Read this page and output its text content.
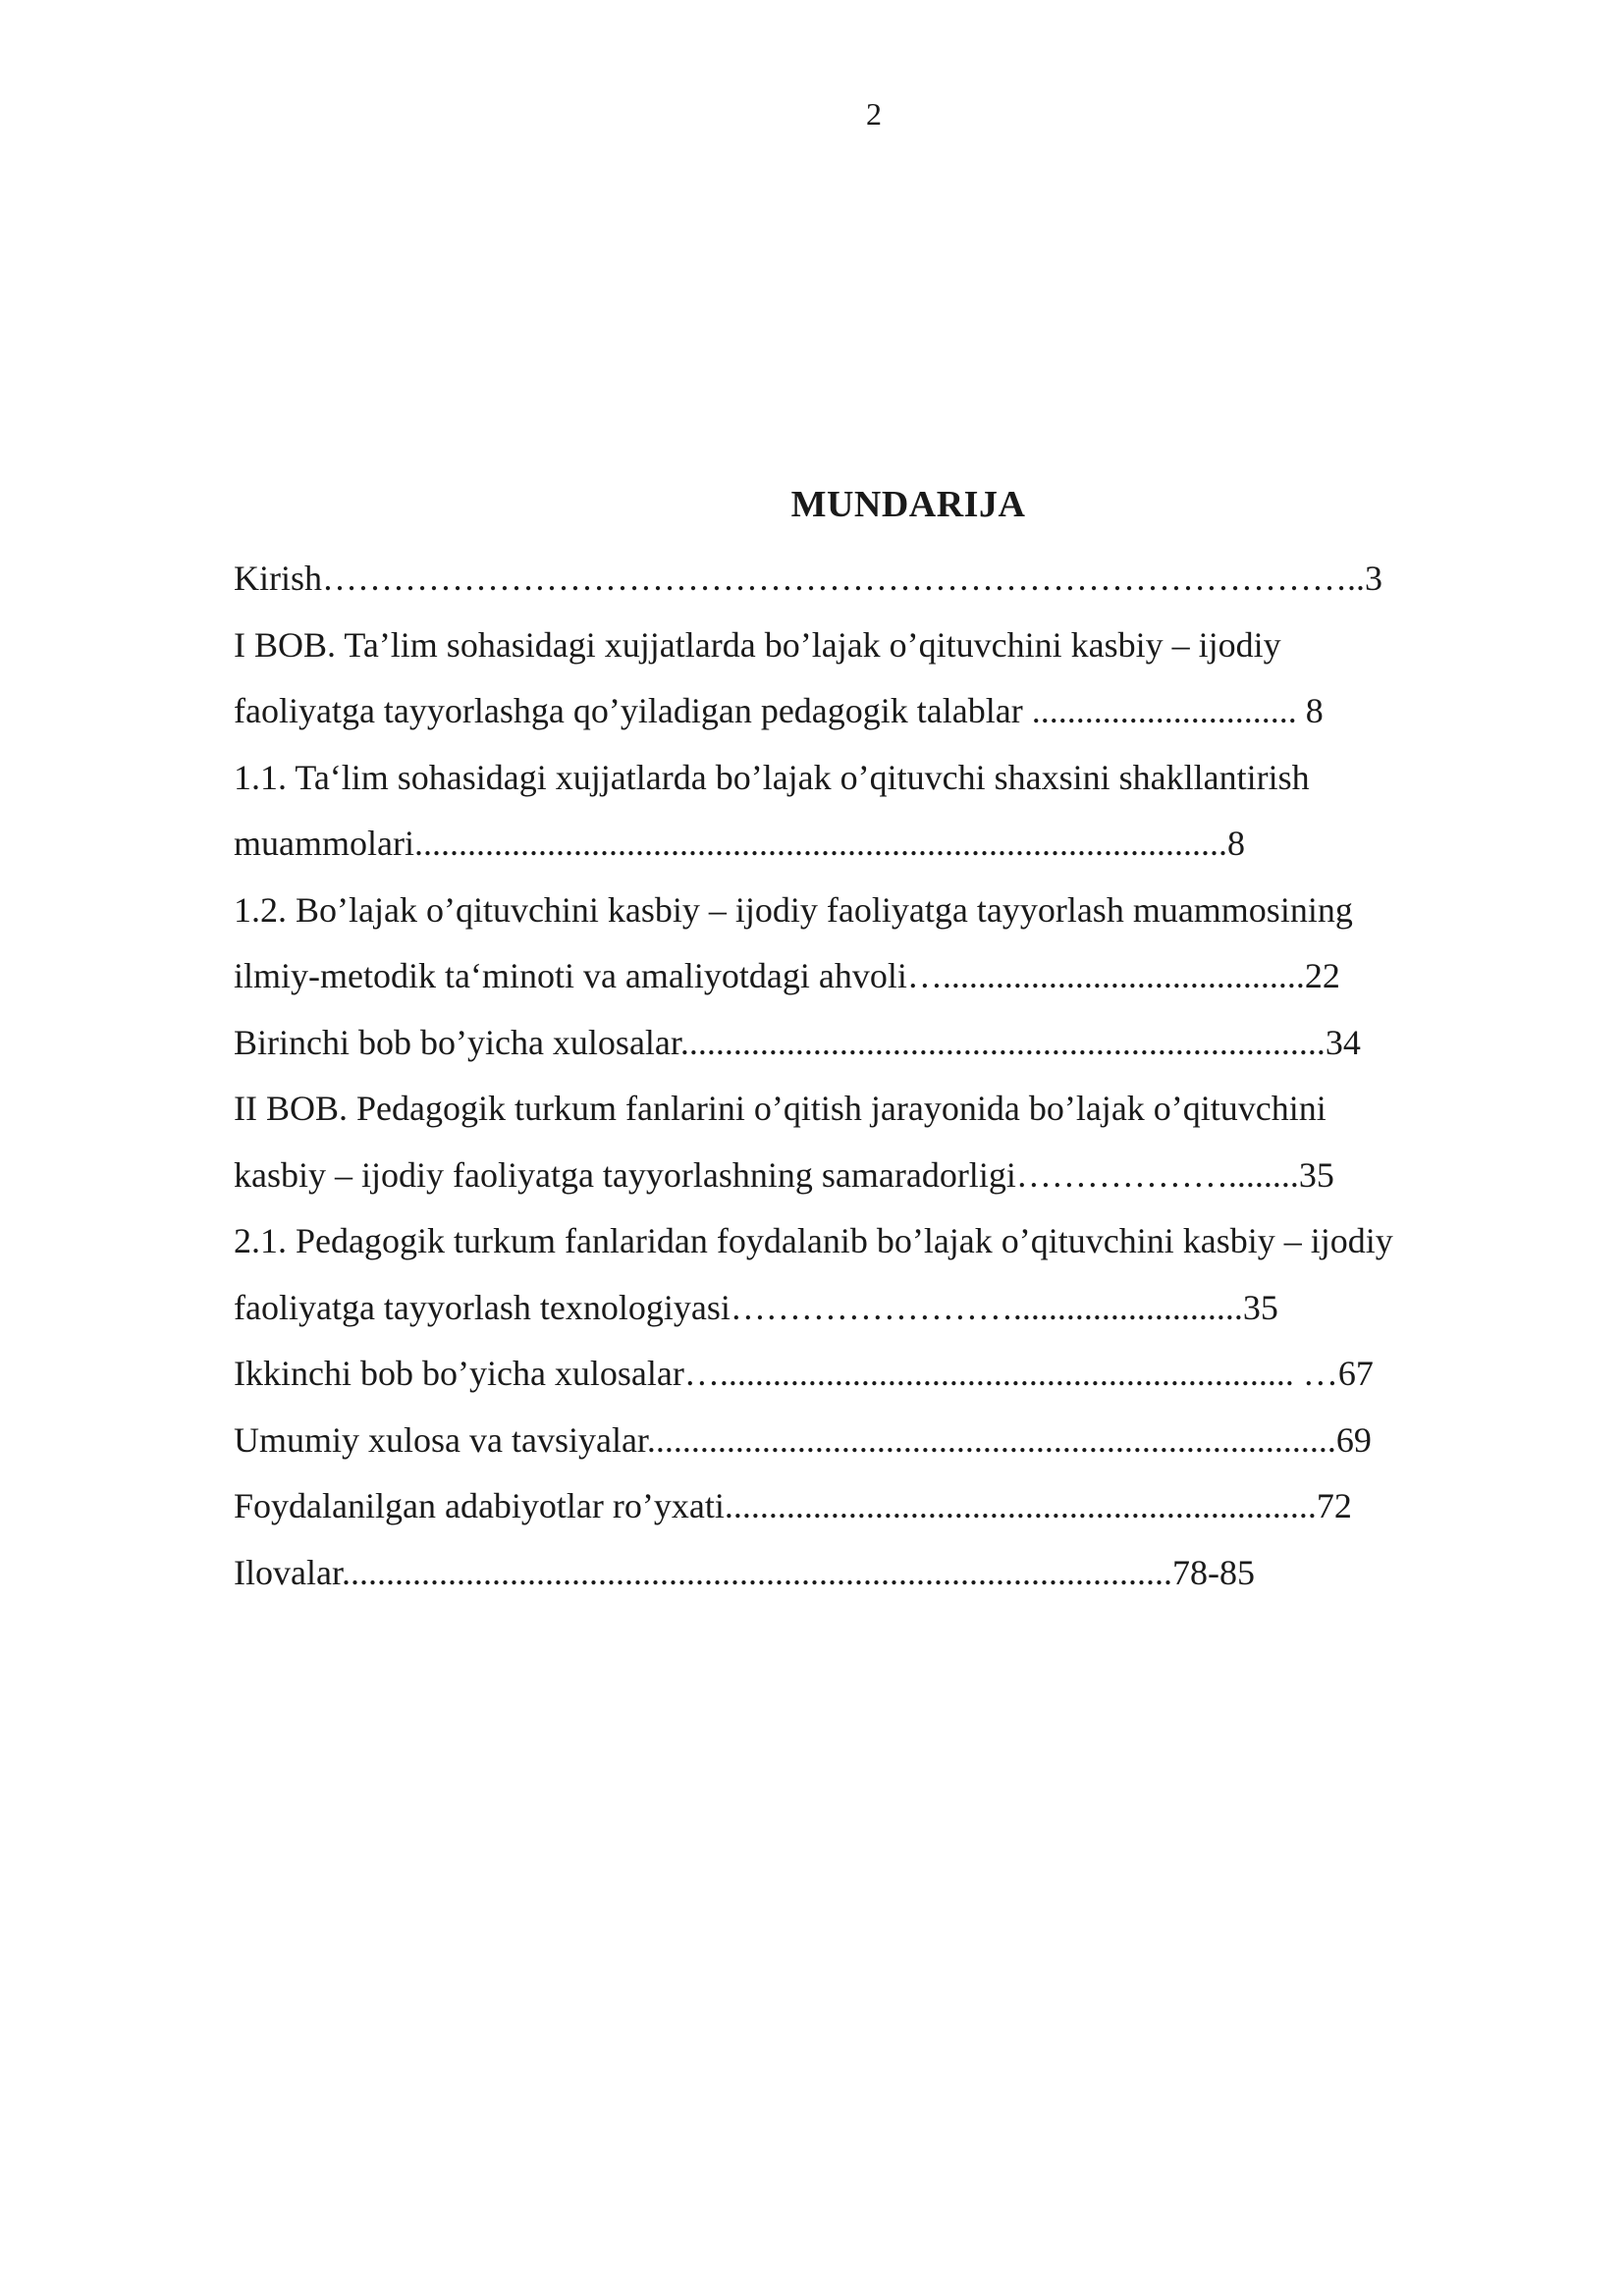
2
MUNDARIJA
Kirish……………………………………………………………………………..3
I BOB. Ta’lim sohasidagi xujjatlarda bo’lajak o’qituvchini kasbiy – ijodiy
faoliyatga tayyorlashga qo’yiladigan pedagogik talablar .............................. 8
1.1. Ta‘lim sohasidagi xujjatlarda bo’lajak o’qituvchi shaxsini shakllantirish
muammolari............................................................................................8
1.2. Bo’lajak o’qituvchini kasbiy – ijodiy faoliyatga tayyorlash muammosining
ilmiy-metodik ta‘minoti va amaliyotdagi ahvoli….........................................22
Birinchi bob bo’yicha xulosalar.........................................................................34
II BOB. Pedagogik turkum fanlarini o’qitish jarayonida bo’lajak o’qituvchini
kasbiy – ijodiy faoliyatga tayyorlashning samaradorligi………………........35
2.1. Pedagogik turkum fanlaridan foydalanib bo’lajak o’qituvchini kasbiy – ijodiy
faoliyatga tayyorlash texnologiyasi……………………..........................35
Ikkinchi bob bo’yicha xulosalar…................................................................. …67
Umumiy xulosa va tavsiyalar..............................................................................69
Foydalanilgan adabiyotlar ro’yxati...................................................................72
Ilovalar..............................................................................................78-85
